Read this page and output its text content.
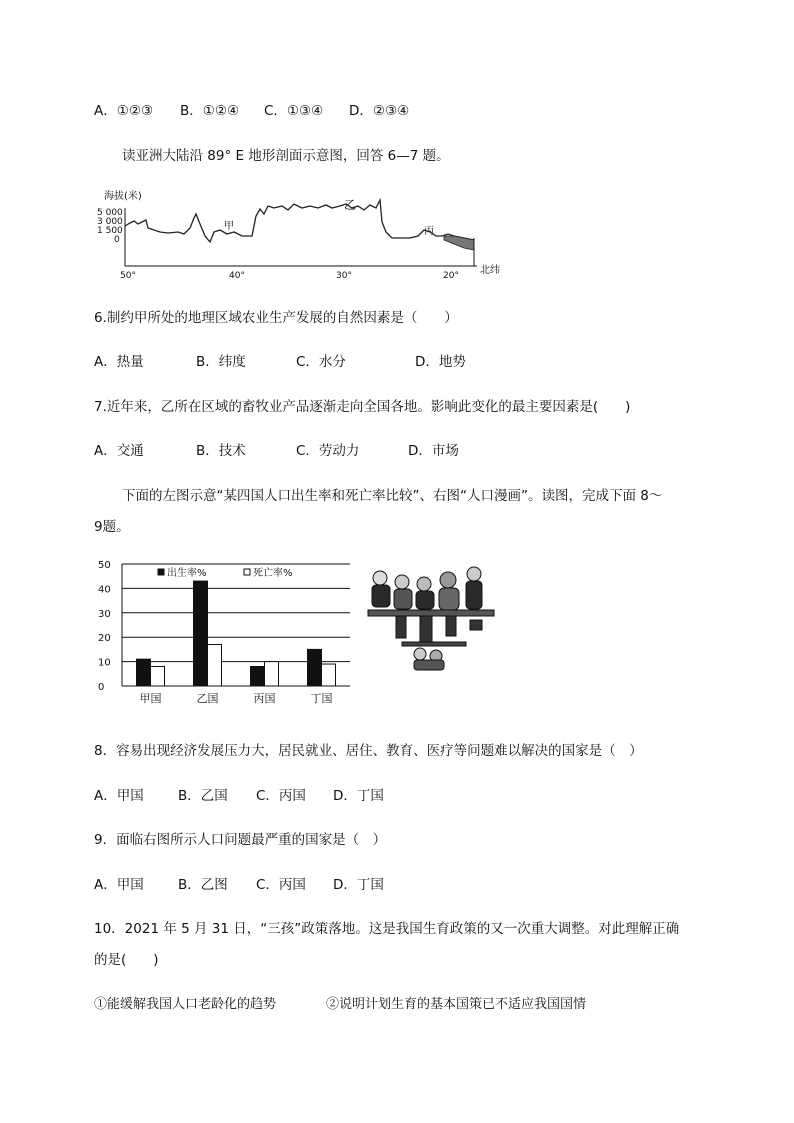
A．①②③ B．①②④ C．①③④ D．②③④
读亚洲大陆沿 89° E 地形剖面示意图，回答 6—7 题。
海拔(米)
5 000
3 000
1 500
0
甲
乙
丙
50°	40°	30°	20° 北纬
6.制约甲所处的地理区域农业生产发展的自然因素是（　　）
A．热量	B．纬度	C．水分	D．地势
7.近年来，乙所在区域的畜牧业产品逐渐走向全国各地。影响此变化的最主要因素是(　　)
A．交通	B．技术	C．劳动力	D．市场
下面的左图示意“某四国人口出生率和死亡率比较”、右图“人口漫画”。读图，完成下面 8～
9题。
50
40
30
20
10
0
出生率%	死亡率%
甲国	乙国	丙国	丁国
8．容易出现经济发展压力大，居民就业、居住、教育、医疗等问题难以解决的国家是（　）
A．甲国	B．乙国 C．丙国 D．丁国
9．面临右图所示人口问题最严重的国家是（　）
A．甲国	B．乙图 C．丙国 D．丁国
10．2021 年 5 月 31 日，“三孩”政策落地。这是我国生育政策的又一次重大调整。对此理解正确
的是(　　)
①能缓解我国人口老龄化的趋势	②说明计划生育的基本国策已不适应我国国情
